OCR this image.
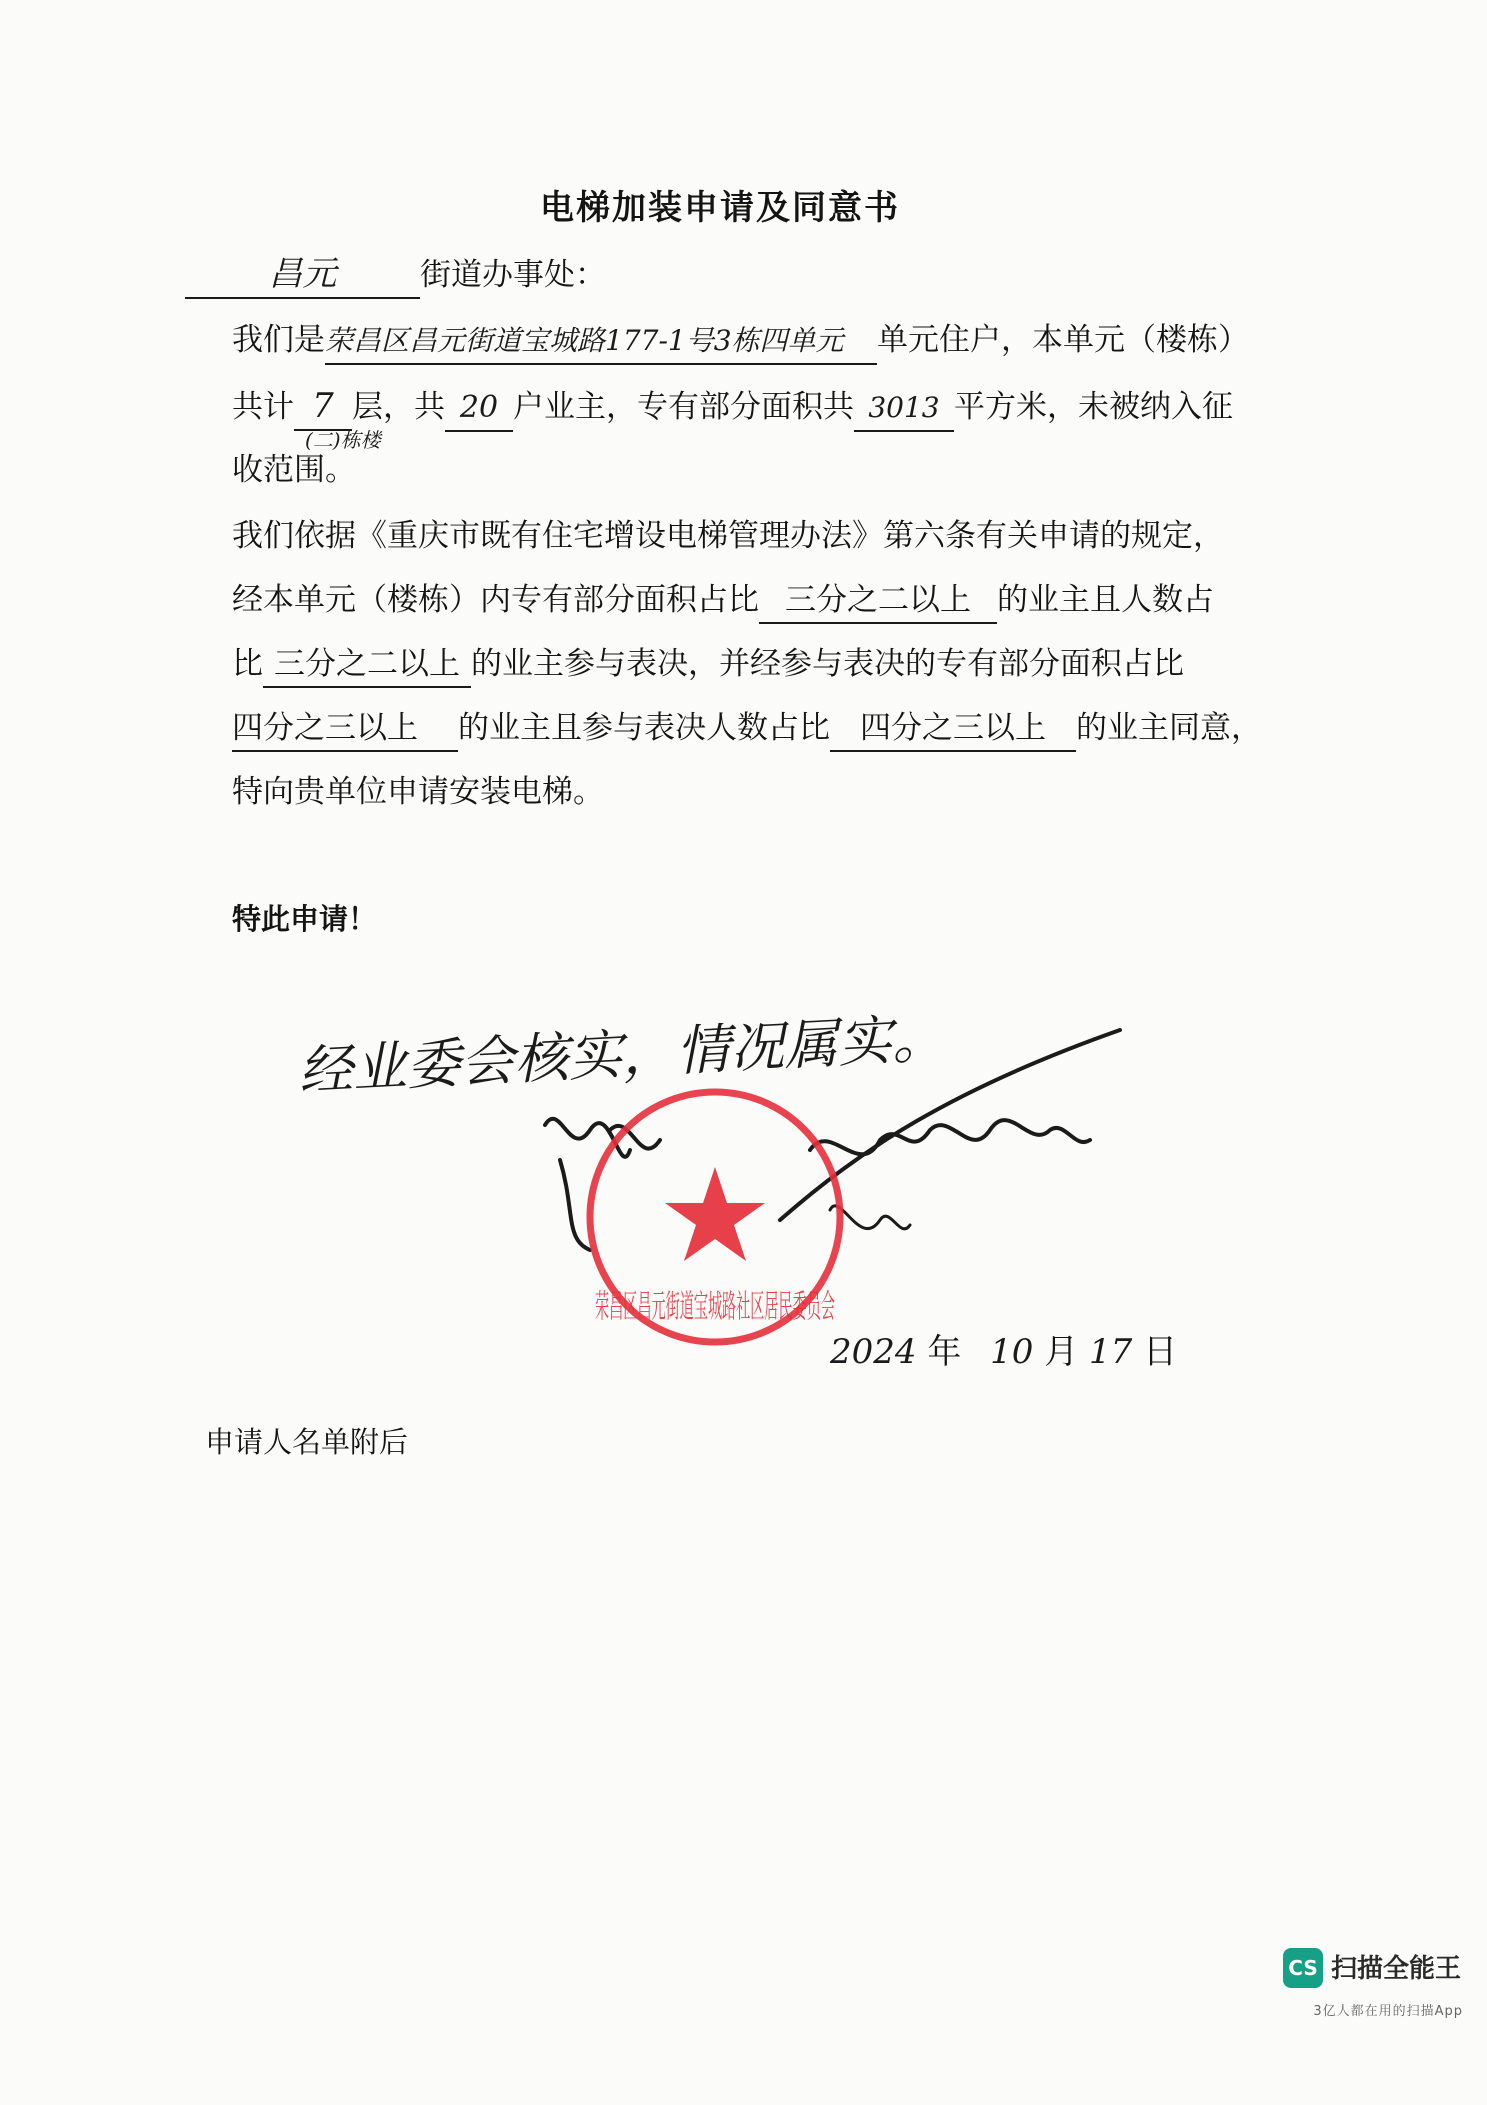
电梯加装申请及同意书
昌元	街道办事处：
我们是荣昌区昌元街道宝城路177-1号3栋四单元 单元住户，本单元（楼栋）
共计 7 层，共 20 户业主，专有部分面积共 3013 平方米，未被纳入征
(二)栋楼
收范围。
我们依据《重庆市既有住宅增设电梯管理办法》第六条有关申请的规定，
经本单元（楼栋）内专有部分面积占比 三分之二以上 的业主且人数占
比 三分之二以上 的业主参与表决，并经参与表决的专有部分面积占比
四分之三以上 的业主且参与表决人数占比 四分之三以上 的业主同意，
特向贵单位申请安装电梯。
特此申请！
经业委会核实，情况属实。
荣昌区昌元街道宝城路社区居民委员会
2024 年 10 月 17 日
申请人名单附后
CS 扫描全能王
3亿人都在用的扫描App
